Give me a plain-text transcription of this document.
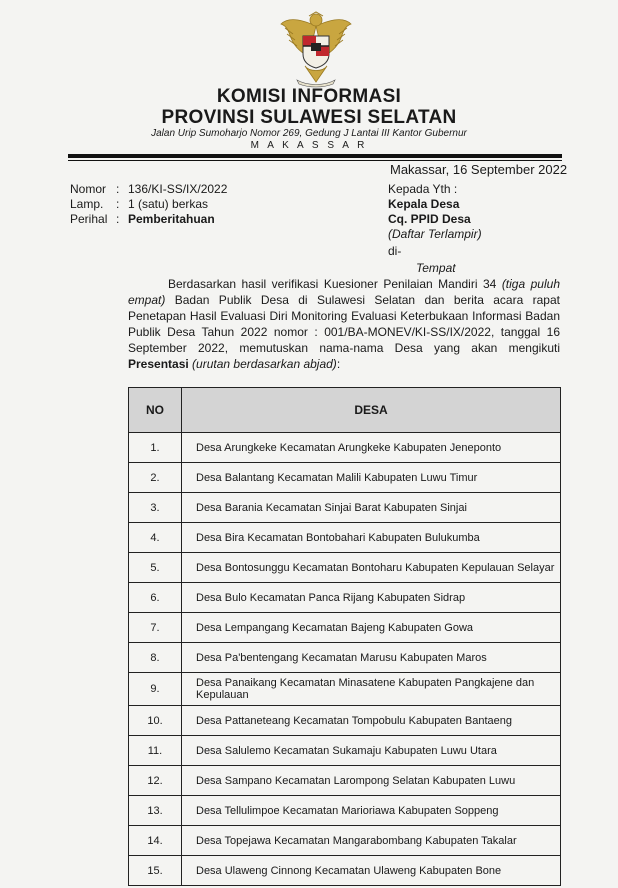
KOMISI INFORMASI
PROVINSI SULAWESI SELATAN
Jalan Urip Sumoharjo Nomor 269, Gedung J Lantai III Kantor Gubernur
M A K A S S A R
Makassar, 16 September 2022
Nomor : 136/KI-SS/IX/2022
Lamp. : 1 (satu) berkas
Perihal : Pemberitahuan
Kepada Yth :
Kepala Desa
Cq. PPID Desa
(Daftar Terlampir)
di-
Tempat
Berdasarkan hasil verifikasi Kuesioner Penilaian Mandiri 34 (tiga puluh empat) Badan Publik Desa di Sulawesi Selatan dan berita acara rapat Penetapan Hasil Evaluasi Diri Monitoring Evaluasi Keterbukaan Informasi Badan Publik Desa Tahun 2022 nomor : 001/BA-MONEV/KI-SS/IX/2022, tanggal 16 September 2022, memutuskan nama-nama Desa yang akan mengikuti Presentasi (urutan berdasarkan abjad):
NO	DESA
1.	Desa Arungkeke Kecamatan Arungkeke Kabupaten Jeneponto
2.	Desa Balantang Kecamatan Malili Kabupaten Luwu Timur
3.	Desa Barania Kecamatan Sinjai Barat Kabupaten Sinjai
4.	Desa Bira Kecamatan Bontobahari Kabupaten Bulukumba
5.	Desa Bontosunggu Kecamatan Bontoharu Kabupaten Kepulauan Selayar
6.	Desa Bulo Kecamatan Panca Rijang Kabupaten Sidrap
7.	Desa Lempangang Kecamatan Bajeng Kabupaten Gowa
8.	Desa Pa'bentengang Kecamatan Marusu Kabupaten Maros
9.	Desa Panaikang Kecamatan Minasatene Kabupaten Pangkajene dan Kepulauan
10.	Desa Pattaneteang Kecamatan Tompobulu Kabupaten Bantaeng
11.	Desa Salulemo Kecamatan Sukamaju Kabupaten Luwu Utara
12.	Desa Sampano Kecamatan Larompong Selatan Kabupaten Luwu
13.	Desa Tellulimpoe Kecamatan Marioriawa Kabupaten Soppeng
14.	Desa Topejawa Kecamatan Mangarabombang Kabupaten Takalar
15.	Desa Ulaweng Cinnong Kecamatan Ulaweng Kabupaten Bone
